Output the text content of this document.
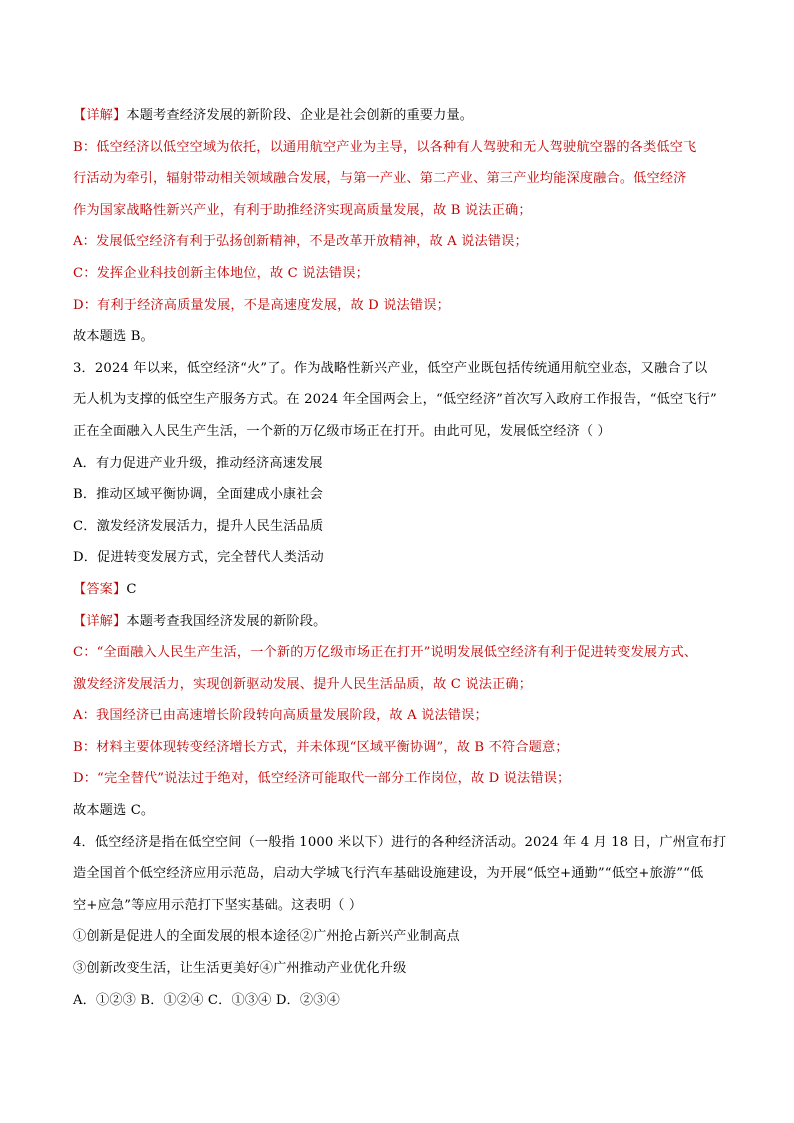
【详解】本题考查经济发展的新阶段、企业是社会创新的重要力量。
B：低空经济以低空空域为依托，以通用航空产业为主导，以各种有人驾驶和无人驾驶航空器的各类低空飞
行活动为牵引，辐射带动相关领域融合发展，与第一产业、第二产业、第三产业均能深度融合。低空经济
作为国家战略性新兴产业，有利于助推经济实现高质量发展，故 B 说法正确；
A：发展低空经济有利于弘扬创新精神，不是改革开放精神，故 A 说法错误；
C：发挥企业科技创新主体地位，故 C 说法错误；
D：有利于经济高质量发展，不是高速度发展，故 D 说法错误；
故本题选 B。
3．2024 年以来，低空经济“火”了。作为战略性新兴产业，低空产业既包括传统通用航空业态，又融合了以
无人机为支撑的低空生产服务方式。在 2024 年全国两会上，“低空经济”首次写入政府工作报告，“低空飞行”
正在全面融入人民生产生活，一个新的万亿级市场正在打开。由此可见，发展低空经济（ ）
A．有力促进产业升级，推动经济高速发展
B．推动区域平衡协调，全面建成小康社会
C．激发经济发展活力，提升人民生活品质
D．促进转变发展方式，完全替代人类活动
【答案】C
【详解】本题考查我国经济发展的新阶段。
C：“全面融入人民生产生活，一个新的万亿级市场正在打开”说明发展低空经济有利于促进转变发展方式、
激发经济发展活力，实现创新驱动发展、提升人民生活品质，故 C 说法正确；
A：我国经济已由高速增长阶段转向高质量发展阶段，故 A 说法错误；
B：材料主要体现转变经济增长方式，并未体现“区域平衡协调”，故 B 不符合题意；
D：“完全替代”说法过于绝对，低空经济可能取代一部分工作岗位，故 D 说法错误；
故本题选 C。
4．低空经济是指在低空空间（一般指 1000 米以下）进行的各种经济活动。2024 年 4 月 18 日，广州宣布打
造全国首个低空经济应用示范岛，启动大学城飞行汽车基础设施建设，为开展“低空+通勤”“低空+旅游”“低
空+应急”等应用示范打下坚实基础。这表明（ ）
①创新是促进人的全面发展的根本途径②广州抢占新兴产业制高点
③创新改变生活，让生活更美好④广州推动产业优化升级
A．①②③ B．①②④ C．①③④ D．②③④
